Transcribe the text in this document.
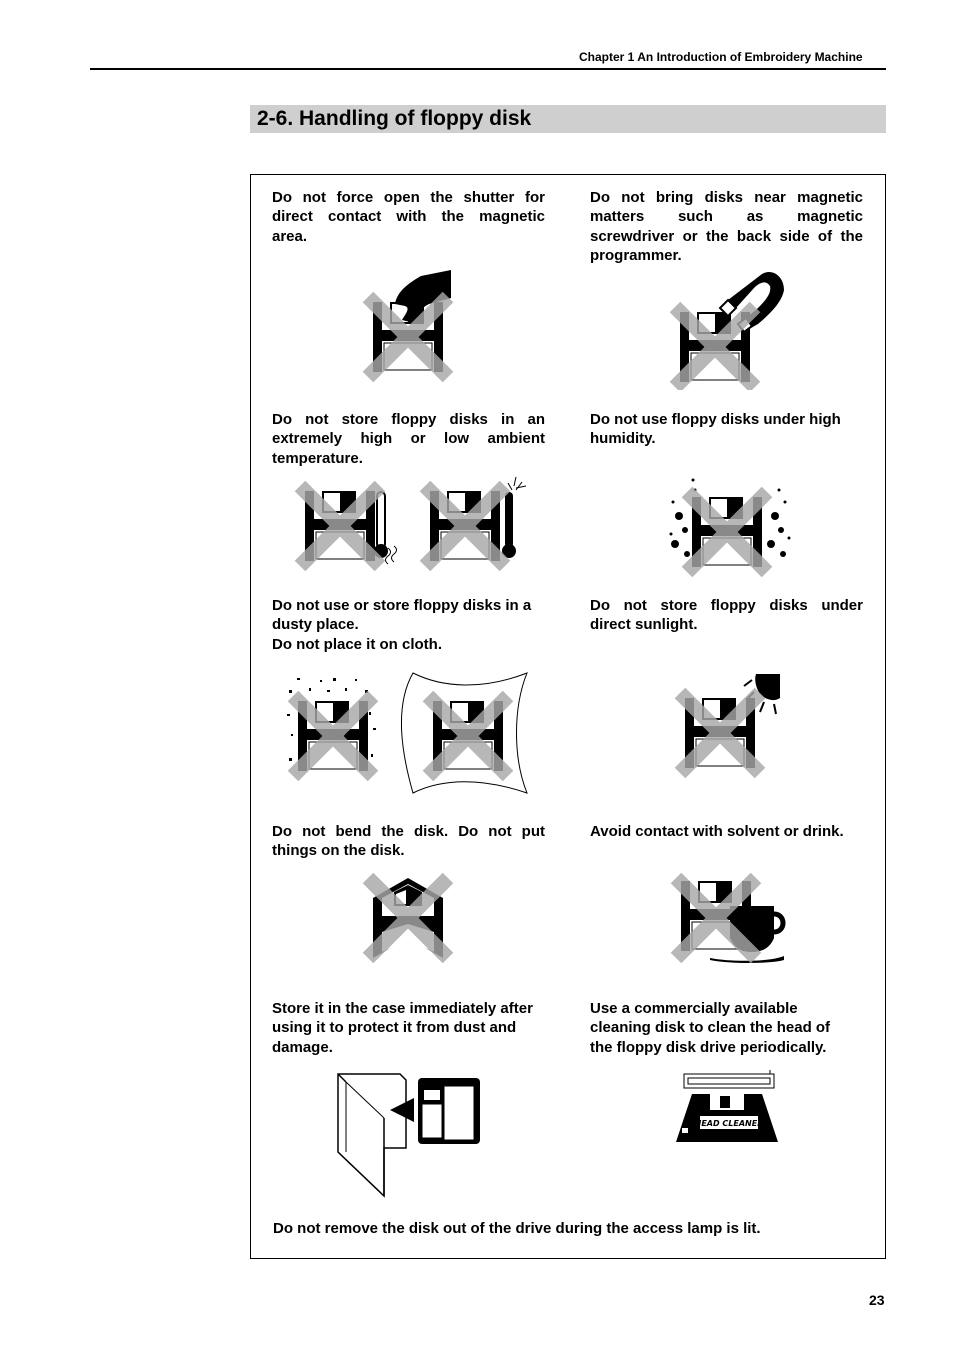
Chapter 1 An Introduction of Embroidery Machine
2-6. Handling of floppy disk
Do not force open the shutter for
direct contact with the magnetic
area.
Do not bring disks near magnetic
matters such as magnetic
screwdriver or the back side of the
programmer.
Do not store floppy disks in an
extremely high or low ambient
temperature.
Do not use floppy disks under high
humidity.
Do not use or store floppy disks in a
dusty place.
Do not place it on cloth.
Do not store floppy disks under
direct sunlight.
Do not bend the disk. Do not put
things on the disk.
Avoid contact with solvent or drink.
Store it in the case immediately after
using it to protect it from dust and
damage.
Use a commercially available
cleaning disk to clean the head of
the floppy disk drive periodically.
HEAD CLEANER
Do not remove the disk out of the drive during the access lamp is lit.
23
